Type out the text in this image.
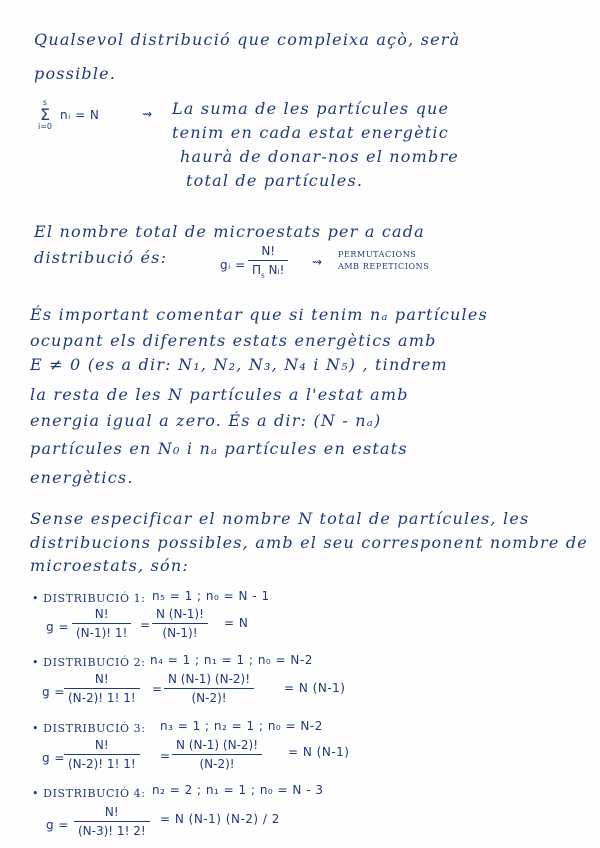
Qualsevol distribució que compleixa açò, serà
possible.
s
Σ
i=0
nᵢ = N	⇝ La suma de les partícules que
tenim en cada estat energètic
haurà de donar-nos el nombre
total de partícules.
El nombre total de microestats per a cada
distribució és:	gᵢ =
N!
$\Pi_s$ Nᵢ!
⇝
PERMUTACIONS
AMB REPETICIONS
És important comentar que si tenim nₐ partícules
ocupant els diferents estats energètics amb
E ≠ 0 (es a dir: N₁, N₂, N₃, N₄ i N₅) , tindrem
la resta de les N partícules a l'estat amb
energia igual a zero. És a dir: (N - nₐ)
partícules en N₀ i nₐ partícules en estats
energètics.
Sense especificar el nombre N total de partícules, les
distribucions possibles, amb el seu corresponent nombre de
microestats, són:
• DISTRIBUCIÓ 1: n₅ = 1 ; n₀ = N - 1
g =
N!
(N-1)! 1!
=
N (N-1)!
(N-1)!
= N
• DISTRIBUCIÓ 2: n₄ = 1 ; n₁ = 1 ; n₀ = N-2
g =
N!
(N-2)! 1! 1!
=
N (N-1) (N-2)!
(N-2)!
= N (N-1)
• DISTRIBUCIÓ 3: n₃ = 1 ; n₂ = 1 ; n₀ = N-2
g =
N!
(N-2)! 1! 1!
=
N (N-1) (N-2)!
(N-2)!
= N (N-1)
• DISTRIBUCIÓ 4: n₂ = 2 ; n₁ = 1 ; n₀ = N - 3
g =
N!
(N-3)! 1! 2!
= N (N-1) (N-2) / 2
